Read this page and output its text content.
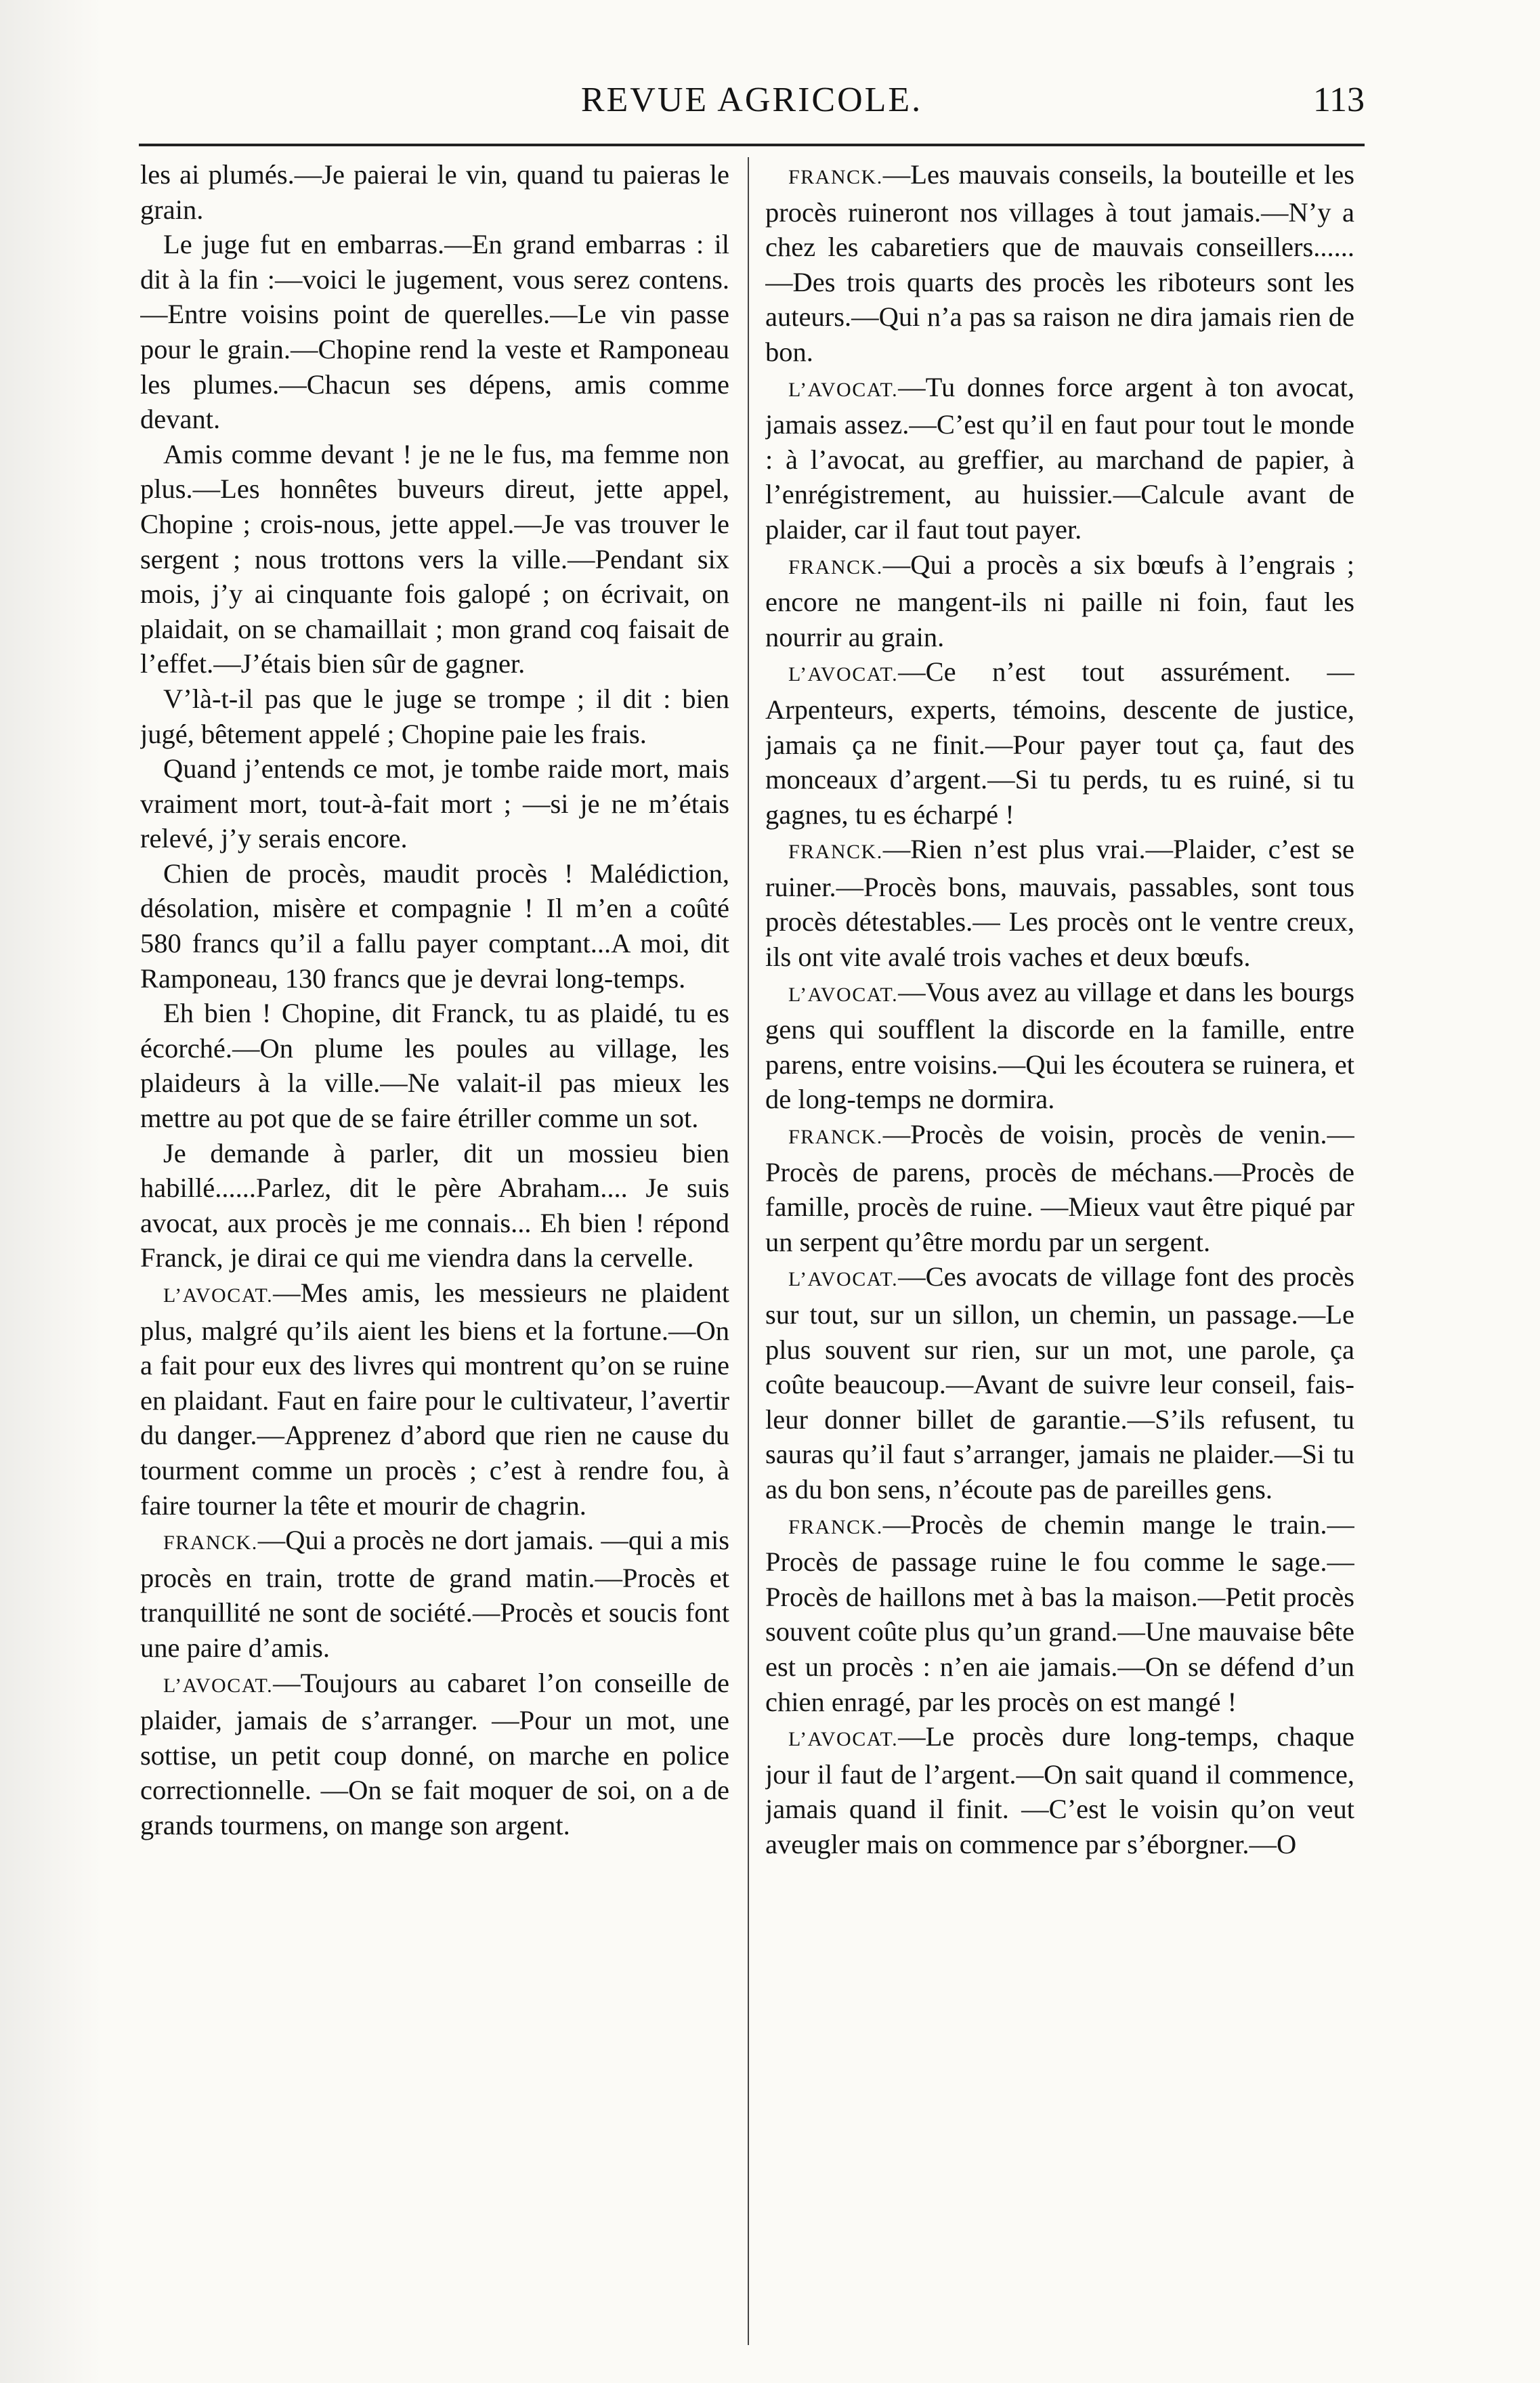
REVUE AGRICOLE.	113

les ai plumés.—Je paierai le vin, quand tu paieras le grain.

Le juge fut en embarras.—En grand embarras : il dit à la fin :—voici le jugement, vous serez contens.—Entre voisins point de querelles.—Le vin passe pour le grain.—Chopine rend la veste et Ramponeau les plumes.—Chacun ses dépens, amis comme devant.

Amis comme devant ! je ne le fus, ma femme non plus.—Les honnêtes buveurs direut, jette appel, Chopine ; crois-nous, jette appel.—Je vas trouver le sergent ; nous trottons vers la ville.—Pendant six mois, j’y ai cinquante fois galopé ; on écrivait, on plaidait, on se chamaillait ; mon grand coq faisait de l’effet.—J’étais bien sûr de gagner.

V’là-t-il pas que le juge se trompe ; il dit : bien jugé, bêtement appelé ; Chopine paie les frais.

Quand j’entends ce mot, je tombe raide mort, mais vraiment mort, tout-à-fait mort ; —si je ne m’étais relevé, j’y serais encore.

Chien de procès, maudit procès ! Malédiction, désolation, misère et compagnie ! Il m’en a coûté 580 francs qu’il a fallu payer comptant...A moi, dit Ramponeau, 130 francs que je devrai long-temps.

Eh bien ! Chopine, dit Franck, tu as plaidé, tu es écorché.—On plume les poules au village, les plaideurs à la ville.—Ne valait-il pas mieux les mettre au pot que de se faire étriller comme un sot.

Je demande à parler, dit un mossieu bien habillé......Parlez, dit le père Abraham.... Je suis avocat, aux procès je me connais... Eh bien ! répond Franck, je dirai ce qui me viendra dans la cervelle.

L’AVOCAT.—Mes amis, les messieurs ne plaident plus, malgré qu’ils aient les biens et la fortune.—On a fait pour eux des livres qui montrent qu’on se ruine en plaidant. Faut en faire pour le cultivateur, l’avertir du danger.—Apprenez d’abord que rien ne cause du tourment comme un procès ; c’est à rendre fou, à faire tourner la tête et mourir de chagrin.

FRANCK.—Qui a procès ne dort jamais. —qui a mis procès en train, trotte de grand matin.—Procès et tranquillité ne sont de société.—Procès et soucis font une paire d’amis.

L’AVOCAT.—Toujours au cabaret l’on conseille de plaider, jamais de s’arranger. —Pour un mot, une sottise, un petit coup donné, on marche en police correctionnelle. —On se fait moquer de soi, on a de grands tourmens, on mange son argent.

FRANCK.—Les mauvais conseils, la bouteille et les procès ruineront nos villages à tout jamais.—N’y a chez les cabaretiers que de mauvais conseillers...... —Des trois quarts des procès les riboteurs sont les auteurs.—Qui n’a pas sa raison ne dira jamais rien de bon.

L’AVOCAT.—Tu donnes force argent à ton avocat, jamais assez.—C’est qu’il en faut pour tout le monde : à l’avocat, au greffier, au marchand de papier, à l’enrégistrement, au huissier.—Calcule avant de plaider, car il faut tout payer.

FRANCK.—Qui a procès a six bœufs à l’engrais ; encore ne mangent-ils ni paille ni foin, faut les nourrir au grain.

L’AVOCAT.—Ce n’est tout assurément. —Arpenteurs, experts, témoins, descente de justice, jamais ça ne finit.—Pour payer tout ça, faut des monceaux d’argent.—Si tu perds, tu es ruiné, si tu gagnes, tu es écharpé !

FRANCK.—Rien n’est plus vrai.—Plaider, c’est se ruiner.—Procès bons, mauvais, passables, sont tous procès détestables.— Les procès ont le ventre creux, ils ont vite avalé trois vaches et deux bœufs.

L’AVOCAT.—Vous avez au village et dans les bourgs gens qui soufflent la discorde en la famille, entre parens, entre voisins.—Qui les écoutera se ruinera, et de long-temps ne dormira.

FRANCK.—Procès de voisin, procès de venin.—Procès de parens, procès de méchans.—Procès de famille, procès de ruine. —Mieux vaut être piqué par un serpent qu’être mordu par un sergent.

L’AVOCAT.—Ces avocats de village font des procès sur tout, sur un sillon, un chemin, un passage.—Le plus souvent sur rien, sur un mot, une parole, ça coûte beaucoup.—Avant de suivre leur conseil, fais-leur donner billet de garantie.—S’ils refusent, tu sauras qu’il faut s’arranger, jamais ne plaider.—Si tu as du bon sens, n’écoute pas de pareilles gens.

FRANCK.—Procès de chemin mange le train.—Procès de passage ruine le fou comme le sage.—Procès de haillons met à bas la maison.—Petit procès souvent coûte plus qu’un grand.—Une mauvaise bête est un procès : n’en aie jamais.—On se défend d’un chien enragé, par les procès on est mangé !

L’AVOCAT.—Le procès dure long-temps, chaque jour il faut de l’argent.—On sait quand il commence, jamais quand il finit. —C’est le voisin qu’on veut aveugler mais on commence par s’éborgner.—O
